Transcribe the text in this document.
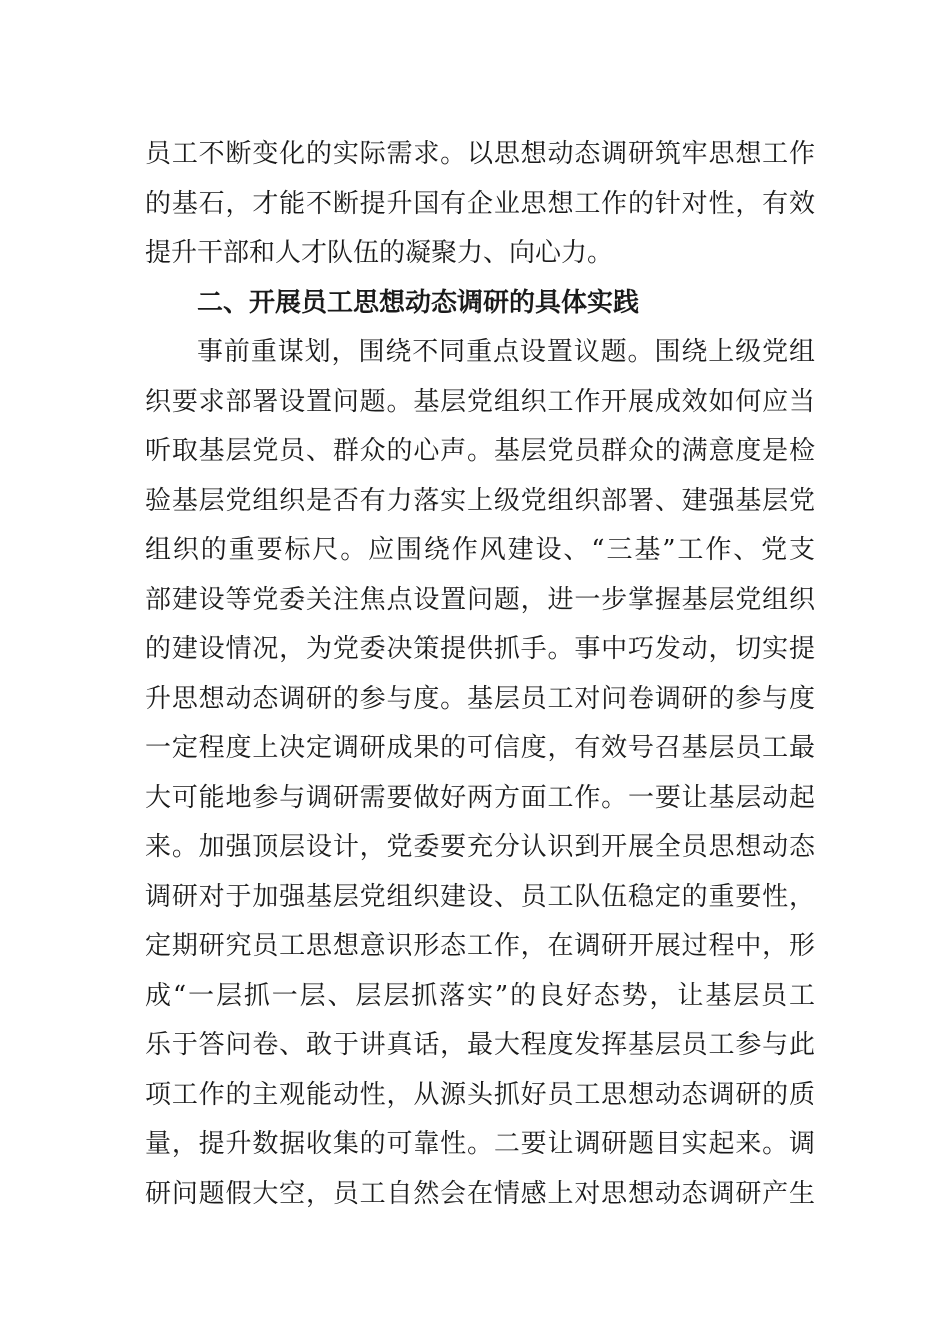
员工不断变化的实际需求。以思想动态调研筑牢思想工作
的基石，才能不断提升国有企业思想工作的针对性，有效
提升干部和人才队伍的凝聚力、向心力。
二、开展员工思想动态调研的具体实践
事前重谋划，围绕不同重点设置议题。围绕上级党组
织要求部署设置问题。基层党组织工作开展成效如何应当
听取基层党员、群众的心声。基层党员群众的满意度是检
验基层党组织是否有力落实上级党组织部署、建强基层党
组织的重要标尺。应围绕作风建设、“三基”工作、党支
部建设等党委关注焦点设置问题，进一步掌握基层党组织
的建设情况，为党委决策提供抓手。事中巧发动，切实提
升思想动态调研的参与度。基层员工对问卷调研的参与度
一定程度上决定调研成果的可信度，有效号召基层员工最
大可能地参与调研需要做好两方面工作。一要让基层动起
来。加强顶层设计，党委要充分认识到开展全员思想动态
调研对于加强基层党组织建设、员工队伍稳定的重要性，
定期研究员工思想意识形态工作，在调研开展过程中，形
成“一层抓一层、层层抓落实”的良好态势，让基层员工
乐于答问卷、敢于讲真话，最大程度发挥基层员工参与此
项工作的主观能动性，从源头抓好员工思想动态调研的质
量，提升数据收集的可靠性。二要让调研题目实起来。调
研问题假大空，员工自然会在情感上对思想动态调研产生
